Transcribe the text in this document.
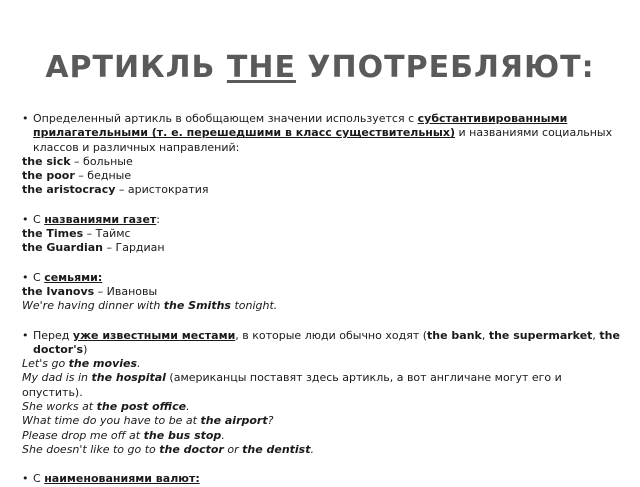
АРТИКЛЬ THE УПОТРЕБЛЯЮТ:

• Определенный артикль в обобщающем значении используется с субстантивированными прилагательными (т. е. перешедшими в класс существительных) и названиями социальных классов и различных направлений:

the sick – больные

the poor – бедные

the aristocracy – аристократия

• С названиями газет:

the Times – Таймс

the Guardian – Гардиан

• С семьями:

the Ivanovs – Ивановы

We're having dinner with the Smiths tonight.

• Перед уже известными местами, в которые люди обычно ходят (the bank, the supermarket, the doctor's)

Let's go the movies.

My dad is in the hospital (американцы поставят здесь артикль, а вот англичане могут его и опустить).

She works at the post office.

What time do you have to be at the airport?

Please drop me off at the bus stop.

She doesn't like to go to the doctor or the dentist.

• С наименованиями валют:
